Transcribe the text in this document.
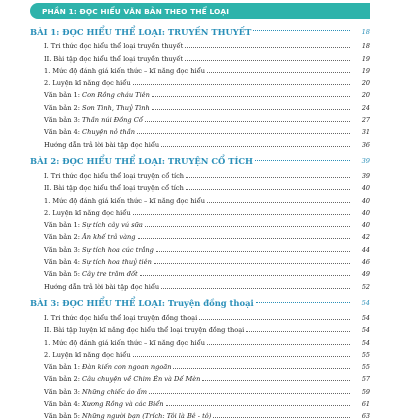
PHẦN 1: ĐỌC HIỂU VĂN BẢN THEO THỂ LOẠI
BÀI 1: ĐỌC HIỂU THỂ LOẠI: TRUYỀN THUYẾT	18
I. Tri thức đọc hiểu thể loại truyền thuyết	18
II. Bài tập đọc hiểu thể loại truyền thuyết	19
1. Mức độ đánh giá kiến thức – kĩ năng đọc hiểu	19
2. Luyện kĩ năng đọc hiểu	20
Văn bản 1: Con Rồng cháu Tiên	20
Văn bản 2: Sơn Tinh, Thuỷ Tinh	24
Văn bản 3: Thần núi Đồng Cổ	27
Văn bản 4: Chuyện nỏ thần	31
Hướng dẫn trả lời bài tập đọc hiểu	36
BÀI 2: ĐỌC HIỂU THỂ LOẠI: TRUYỆN CỔ TÍCH	39
I. Tri thức đọc hiểu thể loại truyện cổ tích	39
II. Bài tập đọc hiểu thể loại truyện cổ tích	40
1. Mức độ đánh giá kiến thức – kĩ năng đọc hiểu	40
2. Luyện kĩ năng đọc hiểu	40
Văn bản 1: Sự tích cây vú sữa	40
Văn bản 2: Ăn khế trả vàng	42
Văn bản 3: Sự tích hoa cúc trắng	44
Văn bản 4: Sự tích hoa thuỷ tiên	46
Văn bản 5: Cây tre trăm đốt	49
Hướng dẫn trả lời bài tập đọc hiểu	52
BÀI 3: ĐỌC HIỂU THỂ LOẠI: Truyện đồng thoại	54
I. Tri thức đọc hiểu thể loại truyện đồng thoại	54
II. Bài tập luyện kĩ năng đọc hiểu thể loại truyện đồng thoại	54
1. Mức độ đánh giá kiến thức – kĩ năng đọc hiểu	54
2. Luyện kĩ năng đọc hiểu	55
Văn bản 1: Đàn kiến con ngoan ngoãn	55
Văn bản 2: Câu chuyện về Chim Én và Dế Mèn	57
Văn bản 3: Những chiếc áo ấm	59
Văn bản 4: Xương Rồng và các Biển	61
Văn bản 5: Những người bạn (Trích: Tôi là Bê - tô)	63
